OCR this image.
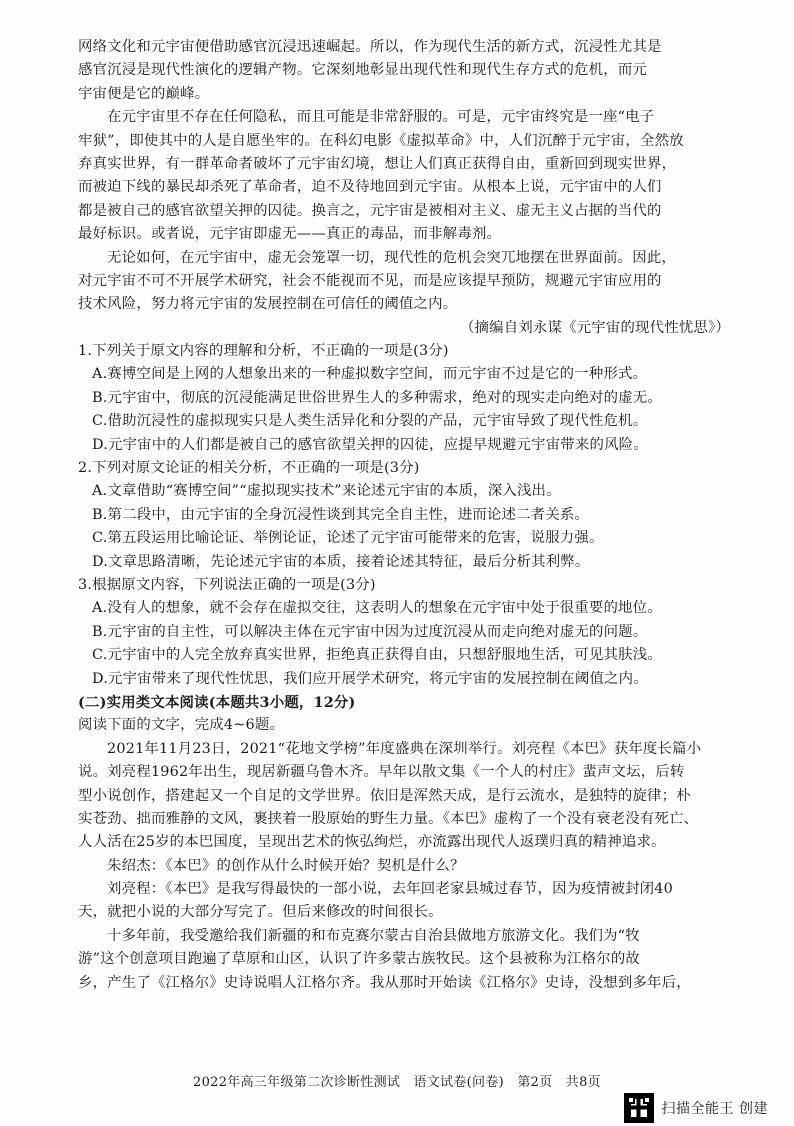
网络文化和元宇宙便借助感官沉浸迅速崛起。所以，作为现代生活的新方式，沉浸性尤其是
感官沉浸是现代性演化的逻辑产物。它深刻地彰显出现代性和现代生存方式的危机，而元
宇宙便是它的巅峰。
在元宇宙里不存在任何隐私，而且可能是非常舒服的。可是，元宇宙终究是一座“电子
牢狱”，即使其中的人是自愿坐牢的。在科幻电影《虚拟革命》中，人们沉醉于元宇宙，全然放
弃真实世界，有一群革命者破坏了元宇宙幻境，想让人们真正获得自由，重新回到现实世界，
而被迫下线的暴民却杀死了革命者，迫不及待地回到元宇宙。从根本上说，元宇宙中的人们
都是被自己的感官欲望关押的囚徒。换言之，元宇宙是被相对主义、虚无主义占据的当代的
最好标识。或者说，元宇宙即虚无——真正的毒品，而非解毒剂。
无论如何，在元宇宙中，虚无会笼罩一切，现代性的危机会突兀地摆在世界面前。因此，
对元宇宙不可不开展学术研究，社会不能视而不见，而是应该提早预防，规避元宇宙应用的
技术风险，努力将元宇宙的发展控制在可信任的阈值之内。
（摘编自刘永谋《元宇宙的现代性忧思》）
1.下列关于原文内容的理解和分析，不正确的一项是(3分)
A.赛博空间是上网的人想象出来的一种虚拟数字空间，而元宇宙不过是它的一种形式。
B.元宇宙中，彻底的沉浸能满足世俗世界生人的多种需求，绝对的现实走向绝对的虚无。
C.借助沉浸性的虚拟现实只是人类生活异化和分裂的产品，元宇宙导致了现代性危机。
D.元宇宙中的人们都是被自己的感官欲望关押的囚徒，应提早规避元宇宙带来的风险。
2.下列对原文论证的相关分析，不正确的一项是(3分)
A.文章借助“赛博空间”“虚拟现实技术”来论述元宇宙的本质，深入浅出。
B.第二段中，由元宇宙的全身沉浸性谈到其完全自主性，进而论述二者关系。
C.第五段运用比喻论证、举例论证，论述了元宇宙可能带来的危害，说服力强。
D.文章思路清晰，先论述元宇宙的本质，接着论述其特征，最后分析其利弊。
3.根据原文内容，下列说法正确的一项是(3分)
A.没有人的想象，就不会存在虚拟交往，这表明人的想象在元宇宙中处于很重要的地位。
B.元宇宙的自主性，可以解决主体在元宇宙中因为过度沉浸从而走向绝对虚无的问题。
C.元宇宙中的人完全放弃真实世界，拒绝真正获得自由，只想舒服地生活，可见其肤浅。
D.元宇宙带来了现代性忧思，我们应开展学术研究，将元宇宙的发展控制在阈值之内。
(二)实用类文本阅读(本题共3小题，12分)
阅读下面的文字，完成4~6题。
2021年11月23日，2021“花地文学榜”年度盛典在深圳举行。刘亮程《本巴》获年度长篇小
说。刘亮程1962年出生，现居新疆乌鲁木齐。早年以散文集《一个人的村庄》蜚声文坛，后转
型小说创作，搭建起又一个自足的文学世界。依旧是浑然天成，是行云流水，是独特的旋律；朴
实苍劲、拙而雅静的文风，裹挟着一股原始的野生力量。《本巴》虚构了一个没有衰老没有死亡、
人人活在25岁的本巴国度，呈现出艺术的恢弘绚烂，亦流露出现代人返璞归真的精神追求。
朱绍杰：《本巴》的创作从什么时候开始？契机是什么？
刘亮程：《本巴》是我写得最快的一部小说，去年回老家县城过春节，因为疫情被封闭40
天，就把小说的大部分写完了。但后来修改的时间很长。
十多年前，我受邀给我们新疆的和布克赛尔蒙古自治县做地方旅游文化。我们为“牧
游”这个创意项目跑遍了草原和山区，认识了许多蒙古族牧民。这个县被称为江格尔的故
乡，产生了《江格尔》史诗说唱人江格尔齐。我从那时开始读《江格尔》史诗，没想到多年后，
2022年高三年级第二次诊断性测试　语文试卷(问卷)　第2页　共8页
扫描全能王 创建
